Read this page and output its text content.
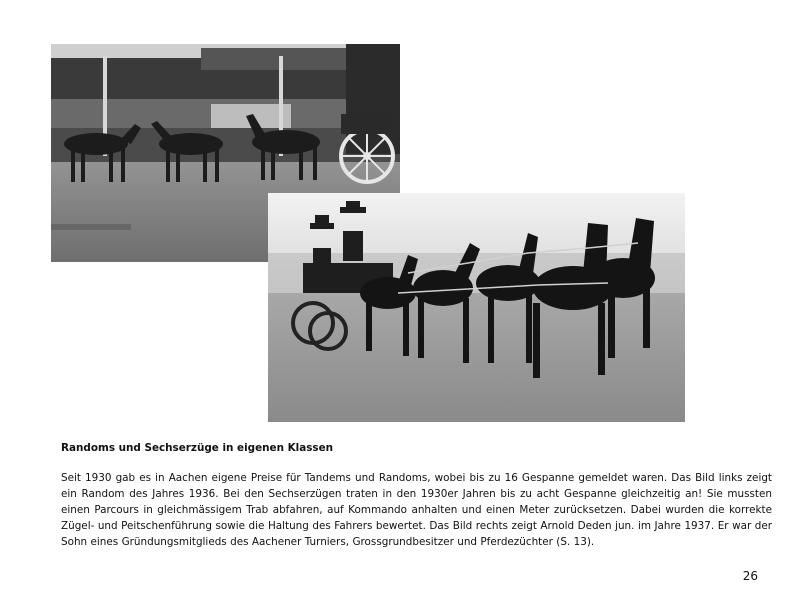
Randoms und Sechserzüge in eigenen Klassen
Seit 1930 gab es in Aachen eigene Preise für Tandems und Randoms, wobei bis zu 16 Gespanne gemeldet waren. Das Bild links zeigt ein Random des Jahres 1936. Bei den Sechserzügen traten in den 1930er Jahren bis zu acht Gespanne gleichzeitig an! Sie mussten einen Parcours in gleichmässigem Trab abfahren, auf Kommando anhalten und einen Meter zurücksetzen. Dabei wurden die korrekte Zügel- und Peitschenführung sowie die Haltung des Fahrers bewertet. Das Bild rechts zeigt Arnold Deden jun. im Jahre 1937. Er war der Sohn eines Gründungsmitglieds des Aachener Turniers, Grossgrundbesitzer und Pferdezüchter (S. 13).
26
